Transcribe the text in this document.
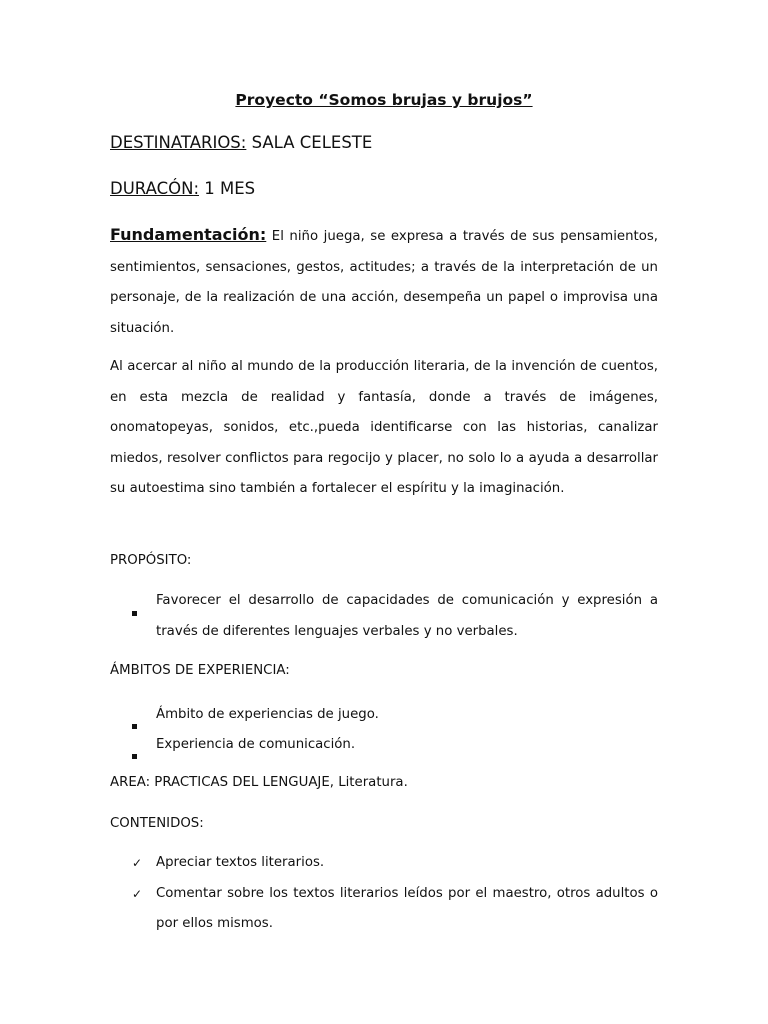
Proyecto “Somos brujas y brujos”
DESTINATARIOS: SALA CELESTE
DURACÓN: 1 MES
Fundamentación: El niño juega, se expresa a través de sus pensamientos, sentimientos, sensaciones, gestos, actitudes; a través de la interpretación de un personaje, de la realización de una acción, desempeña un papel o improvisa una situación.
Al acercar al niño al mundo de la producción literaria, de la invención de cuentos, en esta mezcla de realidad y fantasía, donde a través de imágenes, onomatopeyas, sonidos, etc.,pueda identificarse con las historias, canalizar miedos, resolver conflictos para regocijo y placer, no solo lo a ayuda a desarrollar su autoestima sino también a fortalecer el espíritu y la imaginación.
PROPÓSITO:
Favorecer el desarrollo de capacidades de comunicación y expresión a través de diferentes lenguajes verbales y no verbales.
ÁMBITOS DE EXPERIENCIA:
Ámbito de experiencias de juego.
Experiencia de comunicación.
AREA: PRACTICAS DEL LENGUAJE, Literatura.
CONTENIDOS:
✓ Apreciar textos literarios.
✓ Comentar sobre los textos literarios leídos por el maestro, otros adultos o por ellos mismos.
